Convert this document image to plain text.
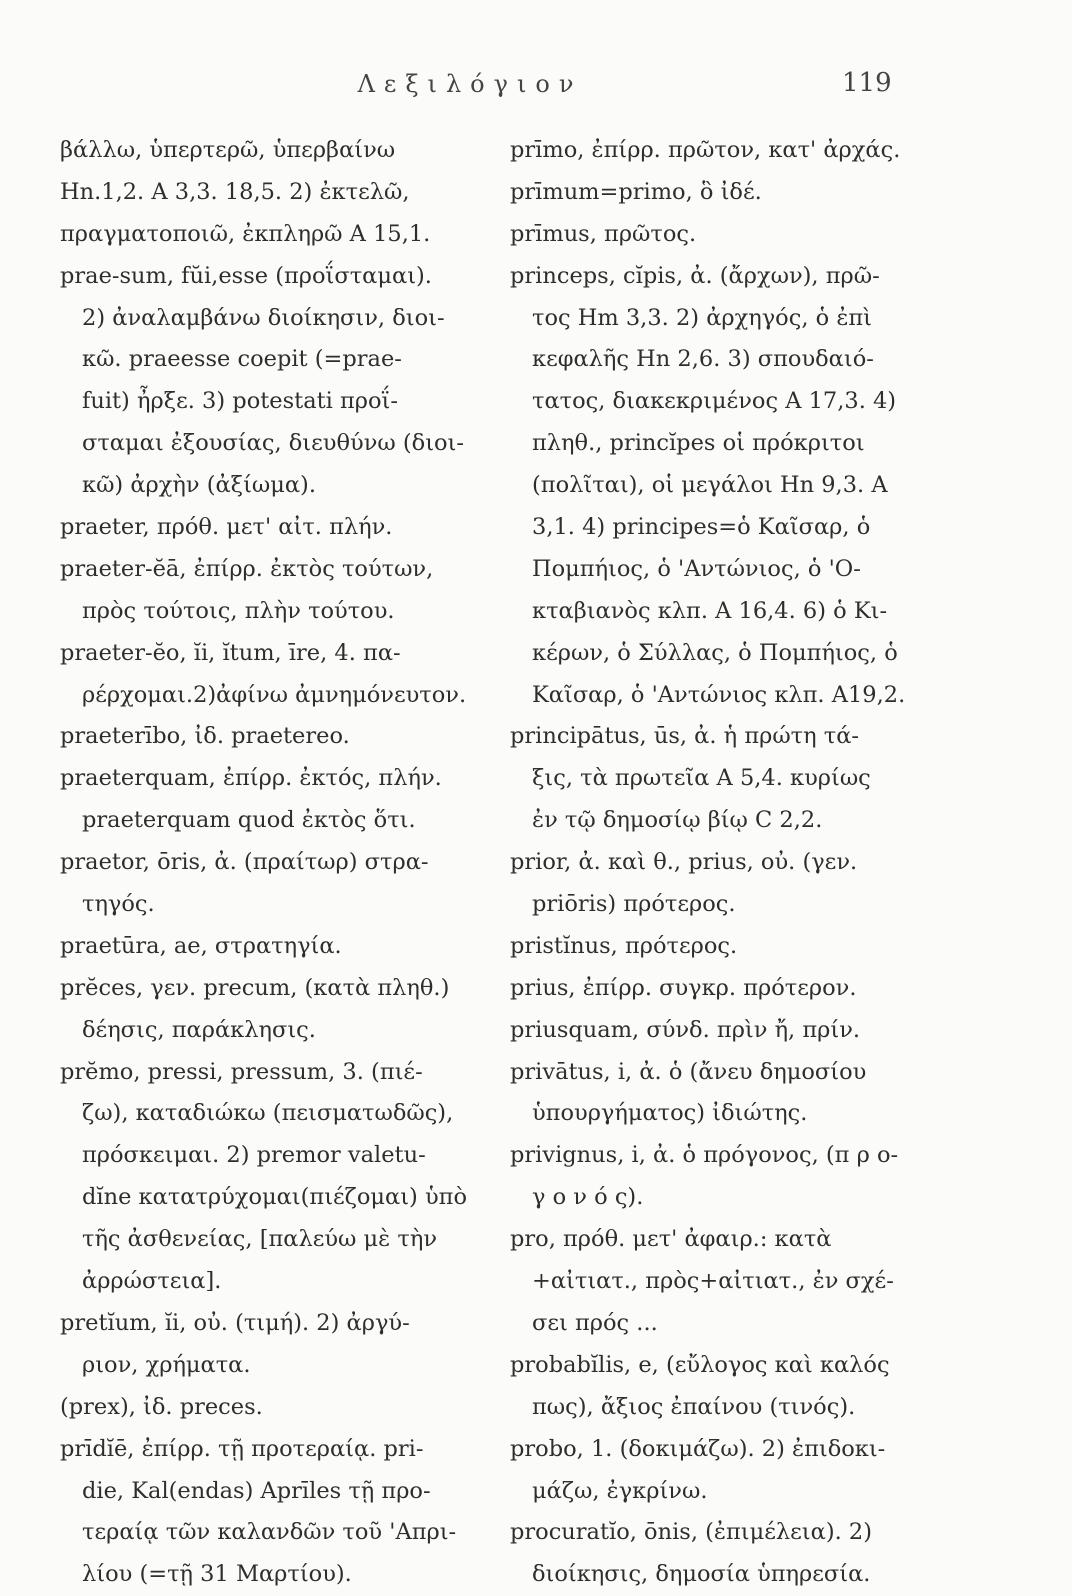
Λεξιλόγιον	119
βάλλω, ὑπερτερῶ, ὑπερβαίνω
Hn.1,2. A 3,3. 18,5. 2) ἐκτελῶ,
πραγματοποιῶ, ἐκπληρῶ A 15,1.
prae-sum, fŭi,esse (προΐσταμαι).
2) ἀναλαμβάνω διοίκησιν, διοι-
κῶ. praeesse coepit (=prae-
fuit) ἦρξε. 3) potestati προΐ-
σταμαι ἐξουσίας, διευθύνω (διοι-
κῶ) ἀρχὴν (ἀξίωμα).
praeter, πρόθ. μετ' αἰτ. πλήν.
praeter-ĕā, ἐπίρρ. ἐκτὸς τούτων,
πρὸς τούτοις, πλὴν τούτου.
praeter-ĕo, ĭi, ĭtum, īre, 4. πα-
ρέρχομαι.2)ἀφίνω ἀμνημόνευτον.
praeterībo, ἰδ. praetereo.
praeterquam, ἐπίρρ. ἐκτός, πλήν.
praeterquam quod ἐκτὸς ὅτι.
praetor, ōris, ἀ. (πραίτωρ) στρα-
τηγός.
praetūra, ae, στρατηγία.
prĕces, γεν. precum, (κατὰ πληθ.)
δέησις, παράκλησις.
prĕmo, pressi, pressum, 3. (πιέ-
ζω), καταδιώκω (πεισματωδῶς),
πρόσκειμαι. 2) premor valetu-
dĭne κατατρύχομαι(πιέζομαι) ὑπὸ
τῆς ἀσθενείας, [παλεύω μὲ τὴν
ἀρρώστεια].
pretĭum, ĭi, οὐ. (τιμή). 2) ἀργύ-
ριον, χρήματα.
(prex), ἰδ. preces.
prīdĭē, ἐπίρρ. τῇ προτεραίᾳ. pri-
die, Kal(endas) Aprīles τῇ προ-
τεραίᾳ τῶν καλανδῶν τοῦ 'Απρι-
λίου (=τῇ 31 Μαρτίου).
prīmo, ἐπίρρ. πρῶτον, κατ' ἀρχάς.
prīmum=primo, ὃ ἰδέ.
prīmus, πρῶτος.
princeps, cĭpis, ἀ. (ἄρχων), πρῶ-
τος Hm 3,3. 2) ἀρχηγός, ὁ ἐπὶ
κεφαλῆς Hn 2,6. 3) σπουδαιό-
τατος, διακεκριμένος A 17,3. 4)
πληθ., princĭpes οἱ πρόκριτοι
(πολῖται), οἱ μεγάλοι Hn 9,3. A
3,1. 4) principes=ὁ Καῖσαρ, ὁ
Πομπήιος, ὁ 'Αντώνιος, ὁ 'Ο-
κταβιανὸς κλπ. A 16,4. 6) ὁ Κι-
κέρων, ὁ Σύλλας, ὁ Πομπήιος, ὁ
Καῖσαρ, ὁ 'Αντώνιος κλπ. A19,2.
principātus, ūs, ἀ. ἡ πρώτη τά-
ξις, τὰ πρωτεῖα A 5,4. κυρίως
ἐν τῷ δημοσίῳ βίῳ C 2,2.
prior, ἀ. καὶ θ., prius, οὐ. (γεν.
priōris) πρότερος.
pristĭnus, πρότερος.
prius, ἐπίρρ. συγκρ. πρότερον.
priusquam, σύνδ. πρὶν ἤ, πρίν.
privātus, i, ἀ. ὁ (ἄνευ δημοσίου
ὑπουργήματος) ἰδιώτης.
privignus, i, ἀ. ὁ πρόγονος, (π ρ ο-
γ ο ν ό ς).
pro, πρόθ. μετ' ἀφαιρ.: κατὰ
+αἰτιατ., πρὸς+αἰτιατ., ἐν σχέ-
σει πρός ...
probabĭlis, e, (εὔλογος καὶ καλός
πως), ἄξιος ἐπαίνου (τινός).
probo, 1. (δοκιμάζω). 2) ἐπιδοκι-
μάζω, ἐγκρίνω.
procuratĭo, ōnis, (ἐπιμέλεια). 2)
διοίκησις, δημοσία ὑπηρεσία.
